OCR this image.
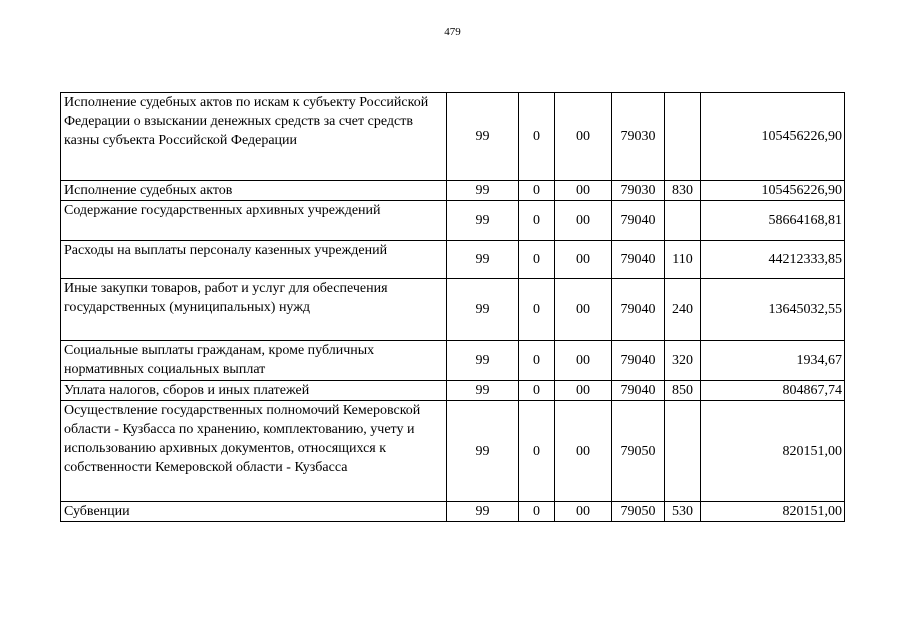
479
Исполнение судебных актов по искам к субъекту Российской Федерации о взыскании денежных средств за счет средств казны субъекта Российской Федерации	99	0	00	79030		105456226,90
Исполнение судебных актов	99	0	00	79030	830	105456226,90
Содержание государственных архивных учреждений	99	0	00	79040		58664168,81
Расходы на выплаты персоналу казенных учреждений	99	0	00	79040	110	44212333,85
Иные закупки товаров, работ и услуг для обеспечения государственных (муниципальных) нужд	99	0	00	79040	240	13645032,55
Социальные выплаты гражданам, кроме публичных нормативных социальных выплат	99	0	00	79040	320	1934,67
Уплата налогов, сборов и иных платежей	99	0	00	79040	850	804867,74
Осуществление государственных полномочий Кемеровской области - Кузбасса по хранению, комплектованию, учету и использованию архивных документов, относящихся к собственности Кемеровской области - Кузбасса	99	0	00	79050		820151,00
Субвенции	99	0	00	79050	530	820151,00
